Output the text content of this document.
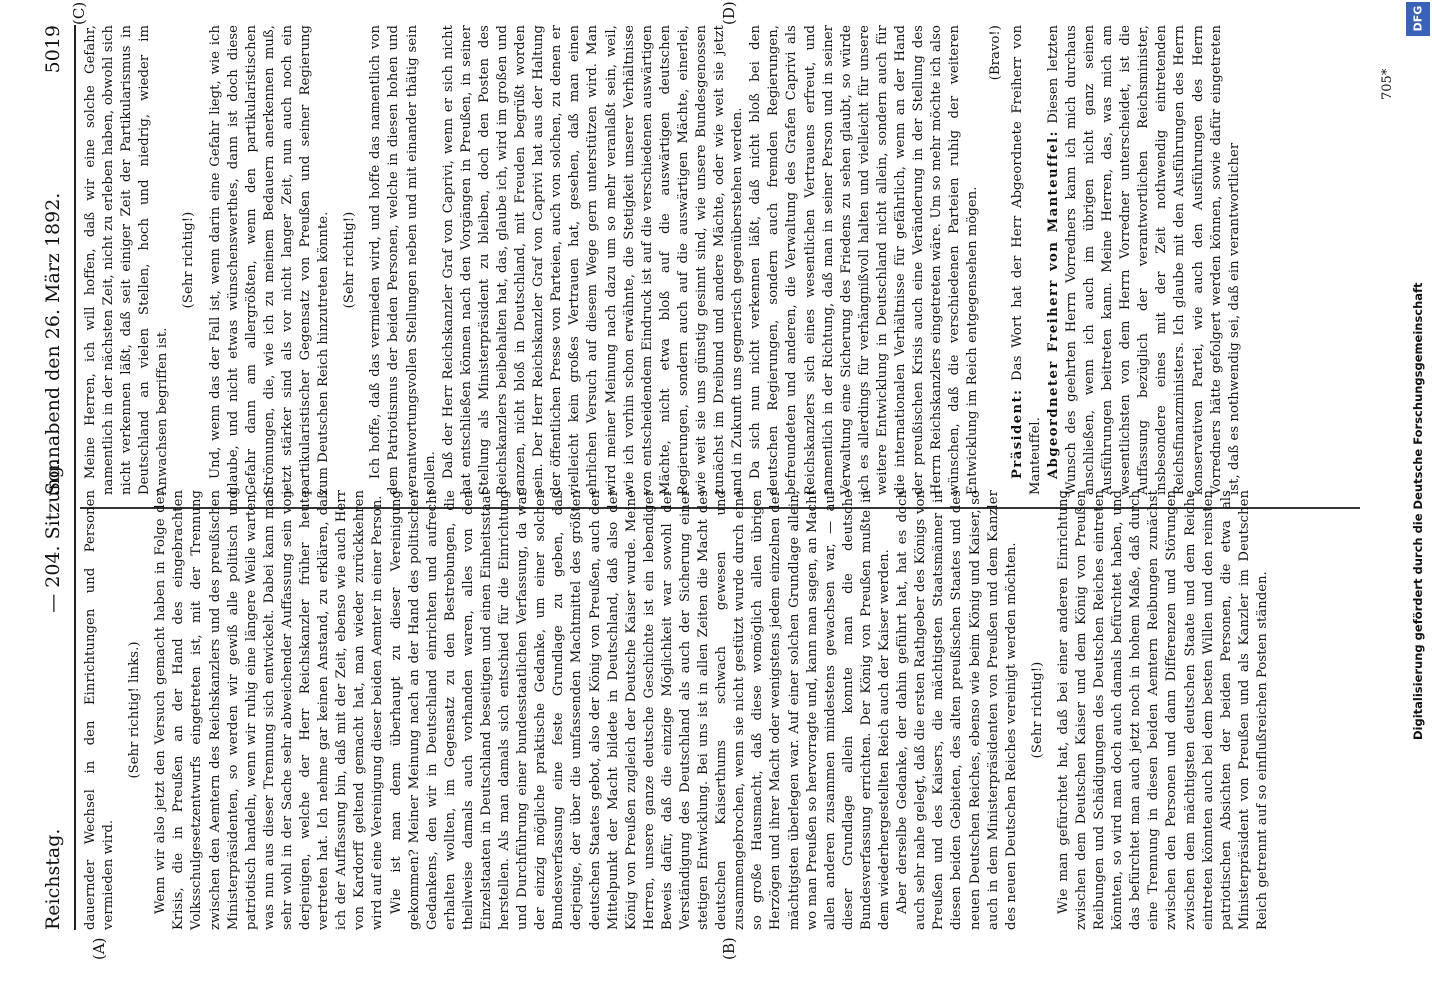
Reichstag.
— 204. Sitzung.
Sonnabend den 26. März 1892.
5019
(A)	(B)
(C)	(D)

dauernder Wechsel in den Einrichtungen und Personen vermieden wird.

(Sehr richtig! links.) Wenn wir also jetzt den Versuch gemacht haben in Folge der Krisis, die in Preußen an der Hand des eingebrachten Volksschulgesetzentwurfs eingetreten ist, mit der Trennung zwischen den Aemtern des Reichskanzlers und des preußischen Ministerpräsidenten, so werden wir gewiß alle politisch und patriotisch handeln, wenn wir ruhig eine längere Weile warten, was nun aus dieser Trennung sich entwickelt. Dabei kann man sehr wohl in der Sache sehr abweichender Auffassung sein von derjenigen, welche der Herr Reichskanzler früher heute vertreten hat. Ich nehme gar keinen Anstand, zu erklären, daß ich der Auffassung bin, daß mit der Zeit, ebenso wie auch Herr von Kardorff geltend gemacht hat, man wieder zurückkehren wird auf eine Vereinigung dieser beiden Aemter in einer Person. Wie ist man denn überhaupt zu dieser Vereinigung gekommen? Meiner Meinung nach an der Hand des politischen Gedankens, den wir in Deutschland einrichten und aufrecht erhalten wollten, im Gegensatz zu den Bestrebungen, die theilweise damals auch vorhanden waren, alles von den Einzelstaaten in Deutschland beseitigen und einen Einheitsstaat herstellen. Als man damals sich entschied für die Einrichtung und Durchführung einer bundesstaatlichen Verfassung, da war der einzig mögliche praktische Gedanke, um einer solchen Bundesverfassung eine feste Grundlage zu geben, daß derjenige, der über die umfassenden Machtmittel des größten deutschen Staates gebot, also der König von Preußen, auch den Mittelpunkt der Macht bildete in Deutschland, daß also der König von Preußen zugleich der Deutsche Kaiser wurde. Meine Herren, unsere ganze deutsche Geschichte ist ein lebendiger Beweis dafür, daß die einzige Möglichkeit war sowohl der Verständigung des Deutschland als auch der Sicherung einer stetigen Entwicklung. Bei uns ist in allen Zeiten die Macht des deutschen Kaiserthums schwach gewesen und zusammengebrochen, wenn sie nicht gestützt wurde durch eine so große Hausmacht, daß diese womöglich allen übrigen Herzögen und ihrer Macht oder wenigstens jedem einzelnen der mächtigsten überlegen war. Auf einer solchen Grundlage allein, wo man Preußen so hervorragte und, kann man sagen, an Macht allen anderen zusammen mindestens gewachsen war, — auf dieser Grundlage allein konnte man die deutsche Bundesverfassung errichten. Der König von Preußen mußte in dem wiederhergestellten Reich auch der Kaiser werden. Aber derselbe Gedanke, der dahin geführt hat, hat es doch auch sehr nahe gelegt, daß die ersten Rathgeber des Königs von Preußen und des Kaisers, die mächtigsten Staatsmänner in diesen beiden Gebieten, des alten preußischen Staates und des neuen Deutschen Reiches, ebenso wie beim König und Kaiser, so auch in dem Ministerpräsidenten von Preußen und dem Kanzler des neuen Deutschen Reiches vereinigt werden möchten. (Sehr richtig!) Wie man gefürchtet hat, daß bei einer anderen Einrichtung zwischen dem Deutschen Kaiser und dem König von Preußen Reibungen und Schädigungen des Deutschen Reiches eintreten könnten, so wird man doch auch damals befürchtet haben, und das befürchtet man auch jetzt noch in hohem Maße, daß durch eine Trennung in diesen beiden Aemtern Reibungen zunächst zwischen den Personen und dann Differenzen und Störungen zwischen dem mächtigsten deutschen Staate und dem Reiche eintreten könnten auch bei dem besten Willen und den reinsten patriotischen Absichten der beiden Personen, die etwa als Ministerpräsident von Preußen und als Kanzler im Deutschen Reich getrennt auf so einflußreichen Posten ständen.

Meine Herren, ich will hoffen, daß wir eine solche Gefahr, namentlich in der nächsten Zeit, nicht zu erleben haben, obwohl sich nicht verkennen läßt, daß seit einiger Zeit der Partikularismus in Deutschland an vielen Stellen, hoch und niedrig, wieder im Anwachsen begriffen ist.

(Sehr richtig!) Und, wenn das der Fall ist, wenn darin eine Gefahr liegt, wie ich glaube, und nicht etwas wünschenswerthes, dann ist doch diese Gefahr dann am allergrößten, wenn den partikularistischen Strömungen, die, wie ich zu meinem Bedauern anerkennen muß, jetzt stärker sind als vor nicht langer Zeit, nun auch noch ein partikularistischer Gegensatz von Preußen und seiner Regierung zum Deutschen Reich hinzutreten könnte. (Sehr richtig!) Ich hoffe, daß das vermieden wird, und hoffe das namentlich von dem Patriotismus der beiden Personen, welche in diesen hohen und verantwortungsvollen Stellungen neben und mit einander thätig sein sollen. Daß der Herr Reichskanzler Graf von Caprivi, wenn er sich nicht hat entschließen können nach den Vorgängen in Preußen, in seiner Stellung als Ministerpräsident zu bleiben, doch den Posten des Reichskanzlers beibehalten hat, das, glaube ich, wird im großen und ganzen, nicht bloß in Deutschland, mit Freuden begrüßt worden sein. Der Herr Reichskanzler Graf von Caprivi hat aus der Haltung der öffentlichen Presse von Parteien, auch von solchen, zu denen er vielleicht kein großes Vertrauen hat, gesehen, daß man einen ehrlichen Versuch auf diesem Wege gern unterstützen wird. Man wird meiner Meinung nach dazu um so mehr veranlaßt sein, weil, wie ich vorhin schon erwähnte, die Stetigkeit unserer Verhältnisse von entscheidendem Eindruck ist auf die verschiedenen auswärtigen Mächte, nicht etwa bloß auf die auswärtigen deutschen Regierungen, sondern auch auf die auswärtigen Mächte, einerlei, wie weit sie uns günstig gesinnt sind, wie unsere Bundesgenossen zunächst im Dreibund und andere Mächte, oder wie weit sie jetzt und in Zukunft uns gegnerisch gegenüberstehen werden. Da sich nun nicht verkennen läßt, daß nicht bloß bei den deutschen Regierungen, sondern auch fremden Regierungen, befreundeten und anderen, die Verwaltung des Grafen Caprivi als Reichskanzlers sich eines wesentlichen Vertrauens erfreut, und namentlich in der Richtung, daß man in seiner Person und in seiner Verwaltung eine Sicherung des Friedens zu sehen glaubt, so würde ich es allerdings für verhängnißvoll halten und vielleicht für unsere weitere Entwicklung in Deutschland nicht allein, sondern auch für die internationalen Verhältnisse für gefährlich, wenn an der Hand der preußischen Krisis auch eine Veränderung in der Stellung des Herrn Reichskanzlers eingetreten wäre. Um so mehr möchte ich also wünschen, daß die verschiedenen Parteien ruhig der weiteren Entwicklung im Reich entgegensehen mögen.

(Bravo!)

Präsident: Das Wort hat der Herr Abgeordnete Freiherr von Manteuffel. Abgeordneter Freiherr von Manteuffel: Diesen letzten Wunsch des geehrten Herrn Vorredners kann ich mich durchaus anschließen, wenn ich auch im übrigen nicht ganz seinen Ausführungen beitreten kann. Meine Herren, das, was mich am wesentlichsten von dem Herrn Vorredner unterscheidet, ist die Auffassung bezüglich der verantwortlichen Reichsminister, insbesondere eines mit der Zeit nothwendig eintretenden Reichsfinanzministers. Ich glaube mit den Ausführungen des Herrn konservativen Partei, wie auch den Ausführungen des Herrn Vorredners hätte gefolgert werden können, sowie dafür eingetreten ist, daß es nothwendig sei, daß ein verantwortlicher

705*
DFG
Digitalisierung gefördert durch die Deutsche Forschungsgemeinschaft
